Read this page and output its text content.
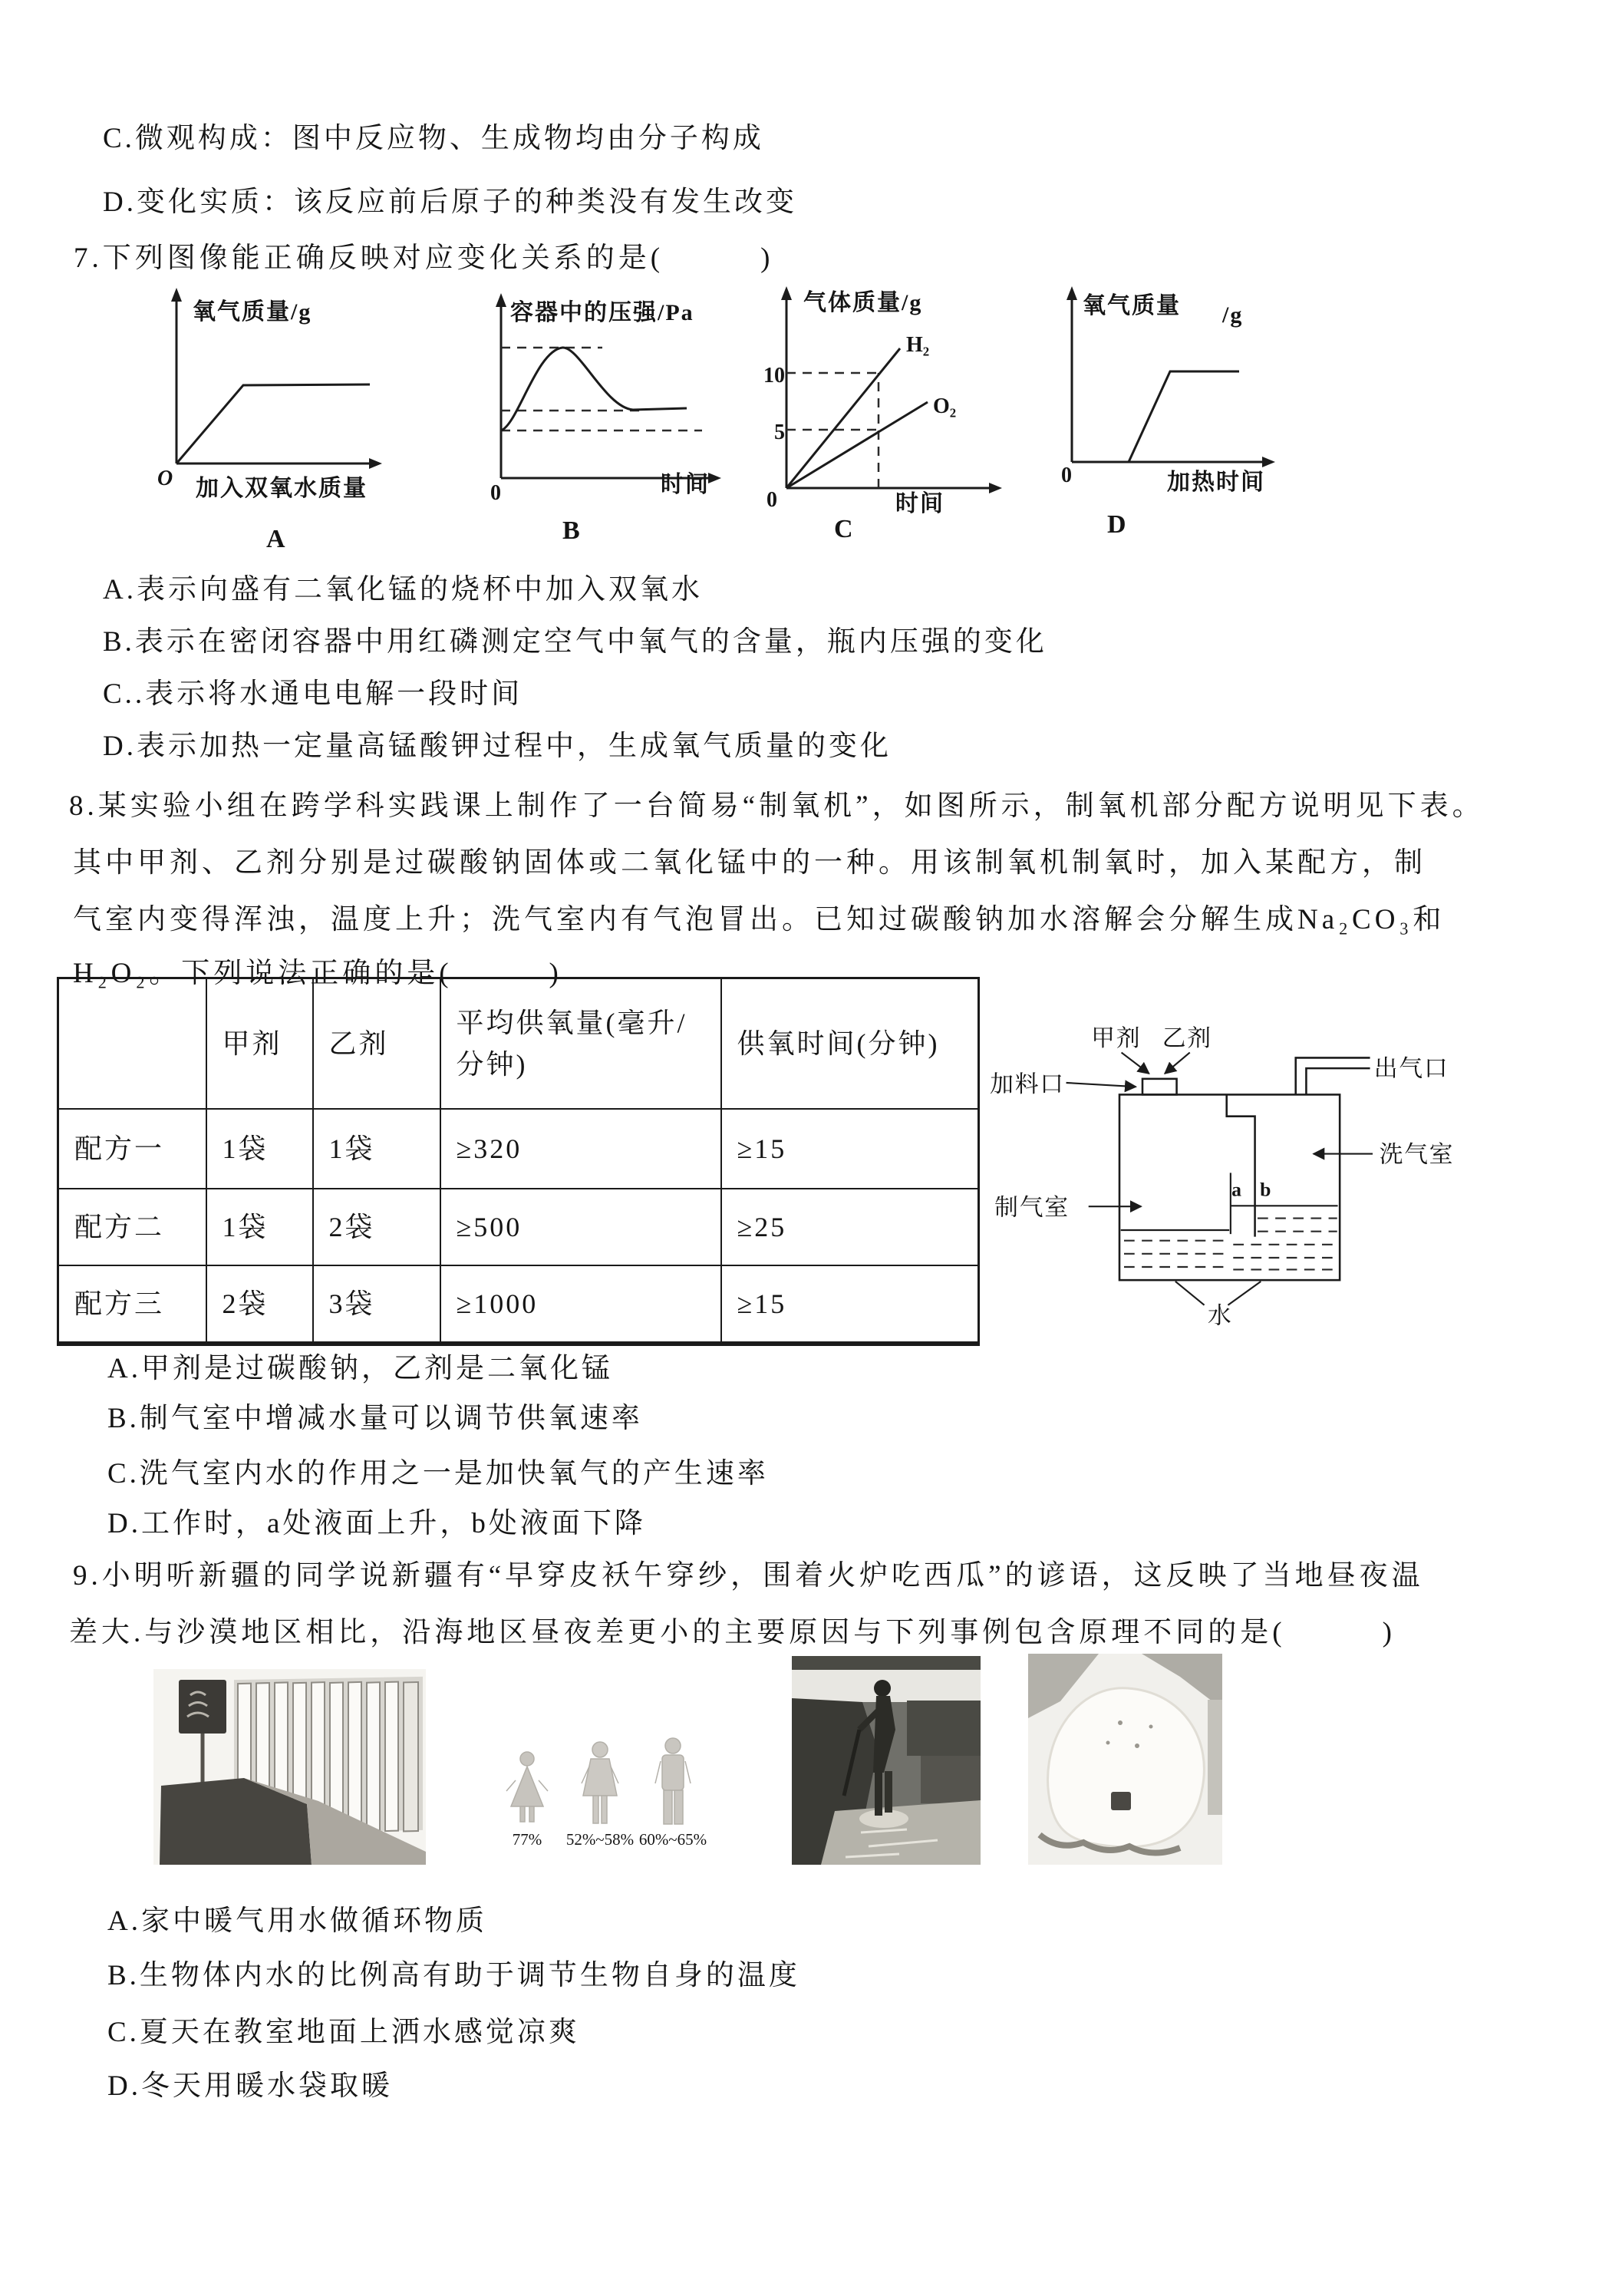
C.微观构成：图中反应物、生成物均由分子构成
D.变化实质：该反应前后原子的种类没有发生改变
7.下列图像能正确反映对应变化关系的是(　　　)
氧气质量/g
O 加入双氧水质量
A
容器中的压强/Pa
0	时间
B
气体质量/g
10
5
H₂
O₂
0	时间
C
氧气质量 /g
0	加热时间
D
A.表示向盛有二氧化锰的烧杯中加入双氧水
B.表示在密闭容器中用红磷测定空气中氧气的含量，瓶内压强的变化
C..表示将水通电电解一段时间
D.表示加热一定量高锰酸钾过程中，生成氧气质量的变化
8.某实验小组在跨学科实践课上制作了一台简易“制氧机”，如图所示，制氧机部分配方说明见下表。
其中甲剂、乙剂分别是过碳酸钠固体或二氧化锰中的一种。用该制氧机制氧时，加入某配方，制
气室内变得浑浊，温度上升；洗气室内有气泡冒出。已知过碳酸钠加水溶解会分解生成Na₂CO₃和
H₂O₂。下列说法正确的是(　　　)
	甲剂	乙剂	平均供氧量(毫升/分钟)	供氧时间(分钟)
配方一	1袋	1袋	≥320	≥15
配方二	1袋	2袋	≥500	≥25
配方三	2袋	3袋	≥1000	≥15
甲剂 乙剂
加料口
出气口
洗气室
制气室
a b
水
A.甲剂是过碳酸钠，乙剂是二氧化锰
B.制气室中增减水量可以调节供氧速率
C.洗气室内水的作用之一是加快氧气的产生速率
D.工作时，a处液面上升，b处液面下降
9.小明听新疆的同学说新疆有“早穿皮袄午穿纱，围着火炉吃西瓜”的谚语，这反映了当地昼夜温
差大.与沙漠地区相比，沿海地区昼夜差更小的主要原因与下列事例包含原理不同的是(　　　)
77% 52%~58% 60%~65%
A.家中暖气用水做循环物质
B.生物体内水的比例高有助于调节生物自身的温度
C.夏天在教室地面上洒水感觉凉爽
D.冬天用暖水袋取暖
